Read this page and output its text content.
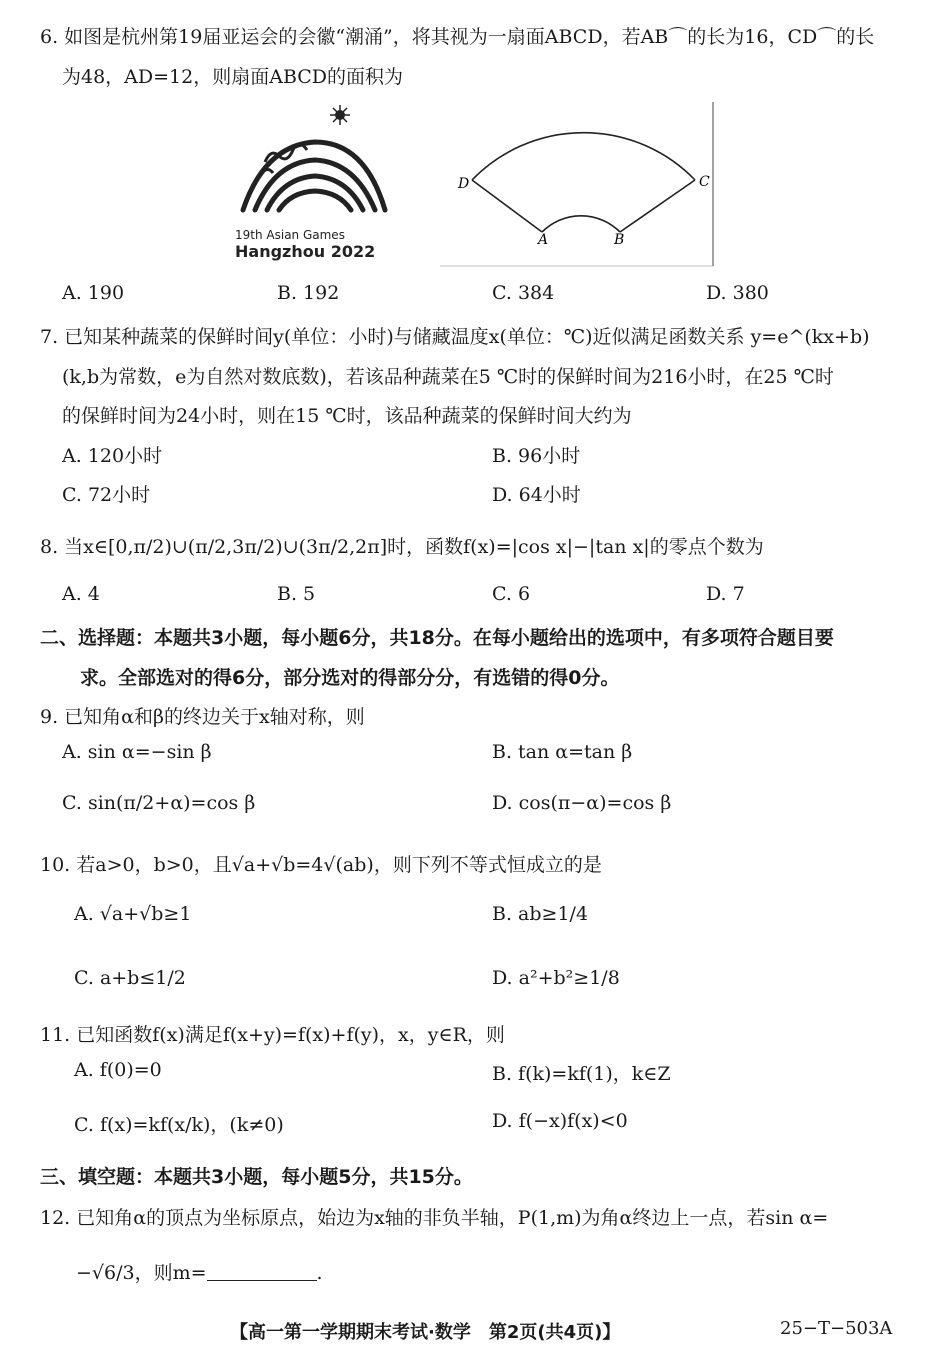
6. 如图是杭州第19届亚运会的会徽“潮涌”，将其视为一扇面ABCD，若AB⌒的长为16，CD⌒的长
为48，AD=12，则扇面ABCD的面积为
19th Asian Games
Hangzhou 2022
D	C
A	B
A. 190	B. 192	C. 384	D. 380
7. 已知某种蔬菜的保鲜时间y(单位：小时)与储藏温度x(单位：℃)近似满足函数关系 y=e^(kx+b)
(k,b为常数，e为自然对数底数)，若该品种蔬菜在5 ℃时的保鲜时间为216小时，在25 ℃时
的保鲜时间为24小时，则在15 ℃时，该品种蔬菜的保鲜时间大约为
A. 120小时	B. 96小时
C. 72小时	D. 64小时
8. 当x∈[0,π/2)∪(π/2,3π/2)∪(3π/2,2π]时，函数f(x)=|cos x|−|tan x|的零点个数为
A. 4	B. 5	C. 6	D. 7
二、选择题：本题共3小题，每小题6分，共18分。在每小题给出的选项中，有多项符合题目要
求。全部选对的得6分，部分选对的得部分分，有选错的得0分。
9. 已知角α和β的终边关于x轴对称，则
A. sin α=−sin β	B. tan α=tan β
C. sin(π/2+α)=cos β	D. cos(π−α)=cos β
10. 若a>0，b>0，且√a+√b=4√(ab)，则下列不等式恒成立的是
A. √a+√b≥1	B. ab≥1/4
C. a+b≤1/2	D. a²+b²≥1/8
11. 已知函数f(x)满足f(x+y)=f(x)+f(y)，x，y∈R，则
A. f(0)=0	B. f(k)=kf(1)，k∈Z
C. f(x)=kf(x/k)，(k≠0)	D. f(−x)f(x)<0
三、填空题：本题共3小题，每小题5分，共15分。
12. 已知角α的顶点为坐标原点，始边为x轴的非负半轴，P(1,m)为角α终边上一点，若sin α=
−√6/3，则m=	.
【高一第一学期期末考试·数学　第2页(共4页)】	25−T−503A
